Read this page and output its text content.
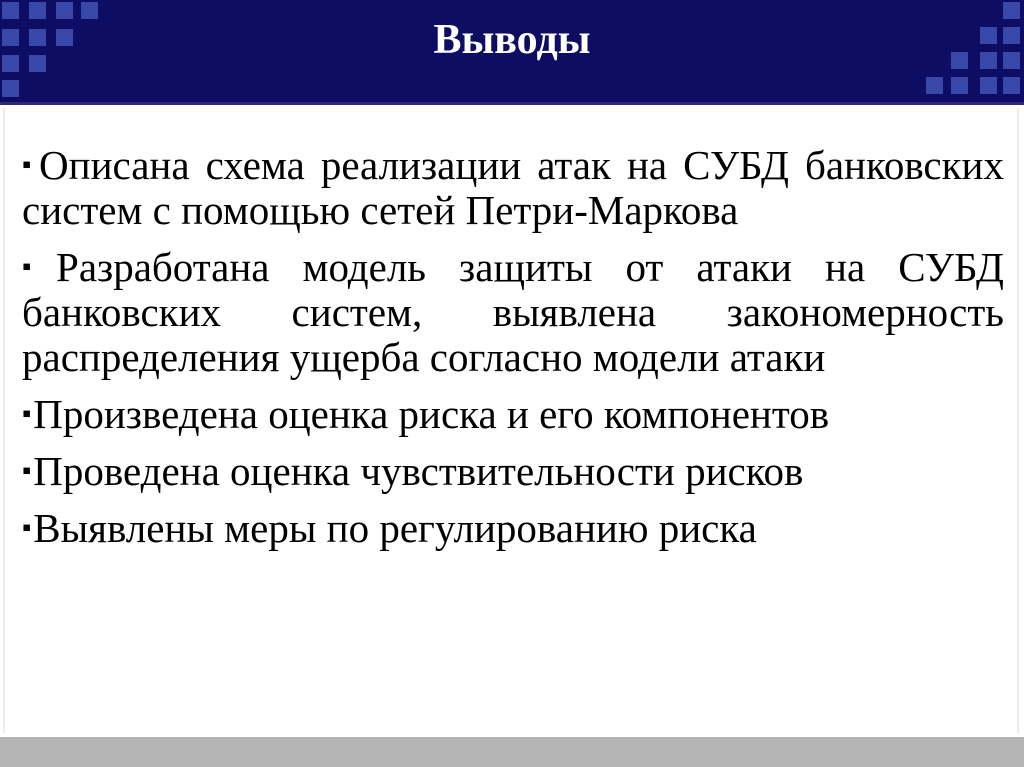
Выводы
▪Описана схема реализации атак на СУБД банковских систем с помощью сетей Петри-Маркова
▪Разработана модель защиты от атаки на СУБД банковских систем, выявлена закономерность распределения ущерба согласно модели атаки
▪Произведена оценка риска и его компонентов
▪Проведена оценка чувствительности рисков
▪Выявлены меры по регулированию риска
